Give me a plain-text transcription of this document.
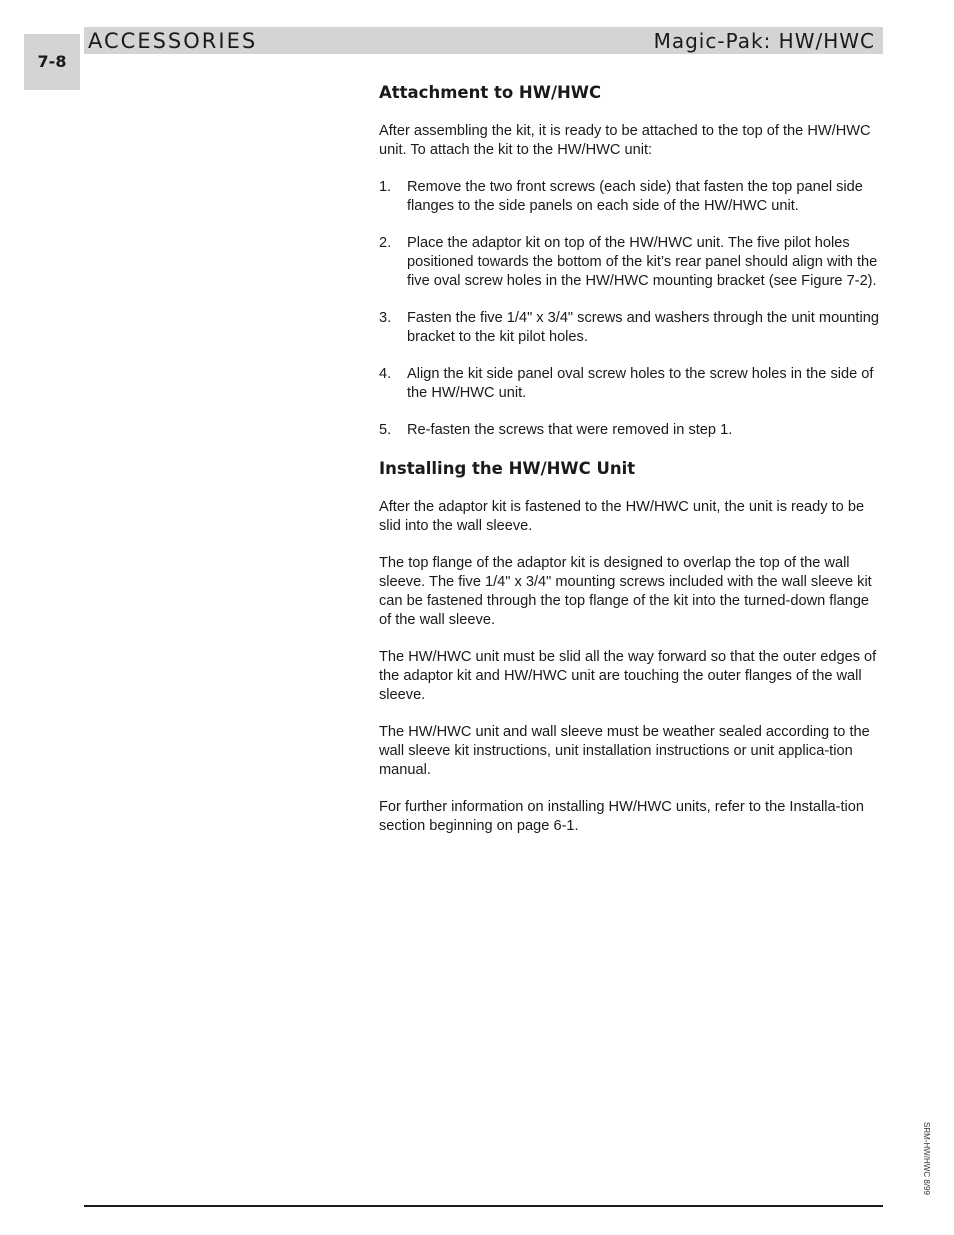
ACCESSORIES	Magic-Pak: HW/HWC
7-8
Attachment to HW/HWC

After assembling the kit, it is ready to be attached to the top of the HW/HWC unit. To attach the kit to the HW/HWC unit:

1. Remove the two front screws (each side) that fasten the top panel side flanges to the side panels on each side of the HW/HWC unit.
2. Place the adaptor kit on top of the HW/HWC unit. The five pilot holes positioned towards the bottom of the kit’s rear panel should align with the five oval screw holes in the HW/HWC mounting bracket (see Figure 7-2).
3. Fasten the five 1/4" x 3/4" screws and washers through the unit mounting bracket to the kit pilot holes.
4. Align the kit side panel oval screw holes to the screw holes in the side of the HW/HWC unit.
5. Re-fasten the screws that were removed in step 1.
Installing the HW/HWC Unit

After the adaptor kit is fastened to the HW/HWC unit, the unit is ready to be slid into the wall sleeve.

The top flange of the adaptor kit is designed to overlap the top of the wall sleeve. The five 1/4" x 3/4" mounting screws included with the wall sleeve kit can be fastened through the top flange of the kit into the turned-down flange of the wall sleeve.

The HW/HWC unit must be slid all the way forward so that the outer edges of the adaptor kit and HW/HWC unit are touching the outer flanges of the wall sleeve.

The HW/HWC unit and wall sleeve must be weather sealed according to the wall sleeve kit instructions, unit installation instructions or unit applica-tion manual.

For further information on installing HW/HWC units, refer to the Installa-tion section beginning on page 6-1.

SRM-HW/HWC 8/99
